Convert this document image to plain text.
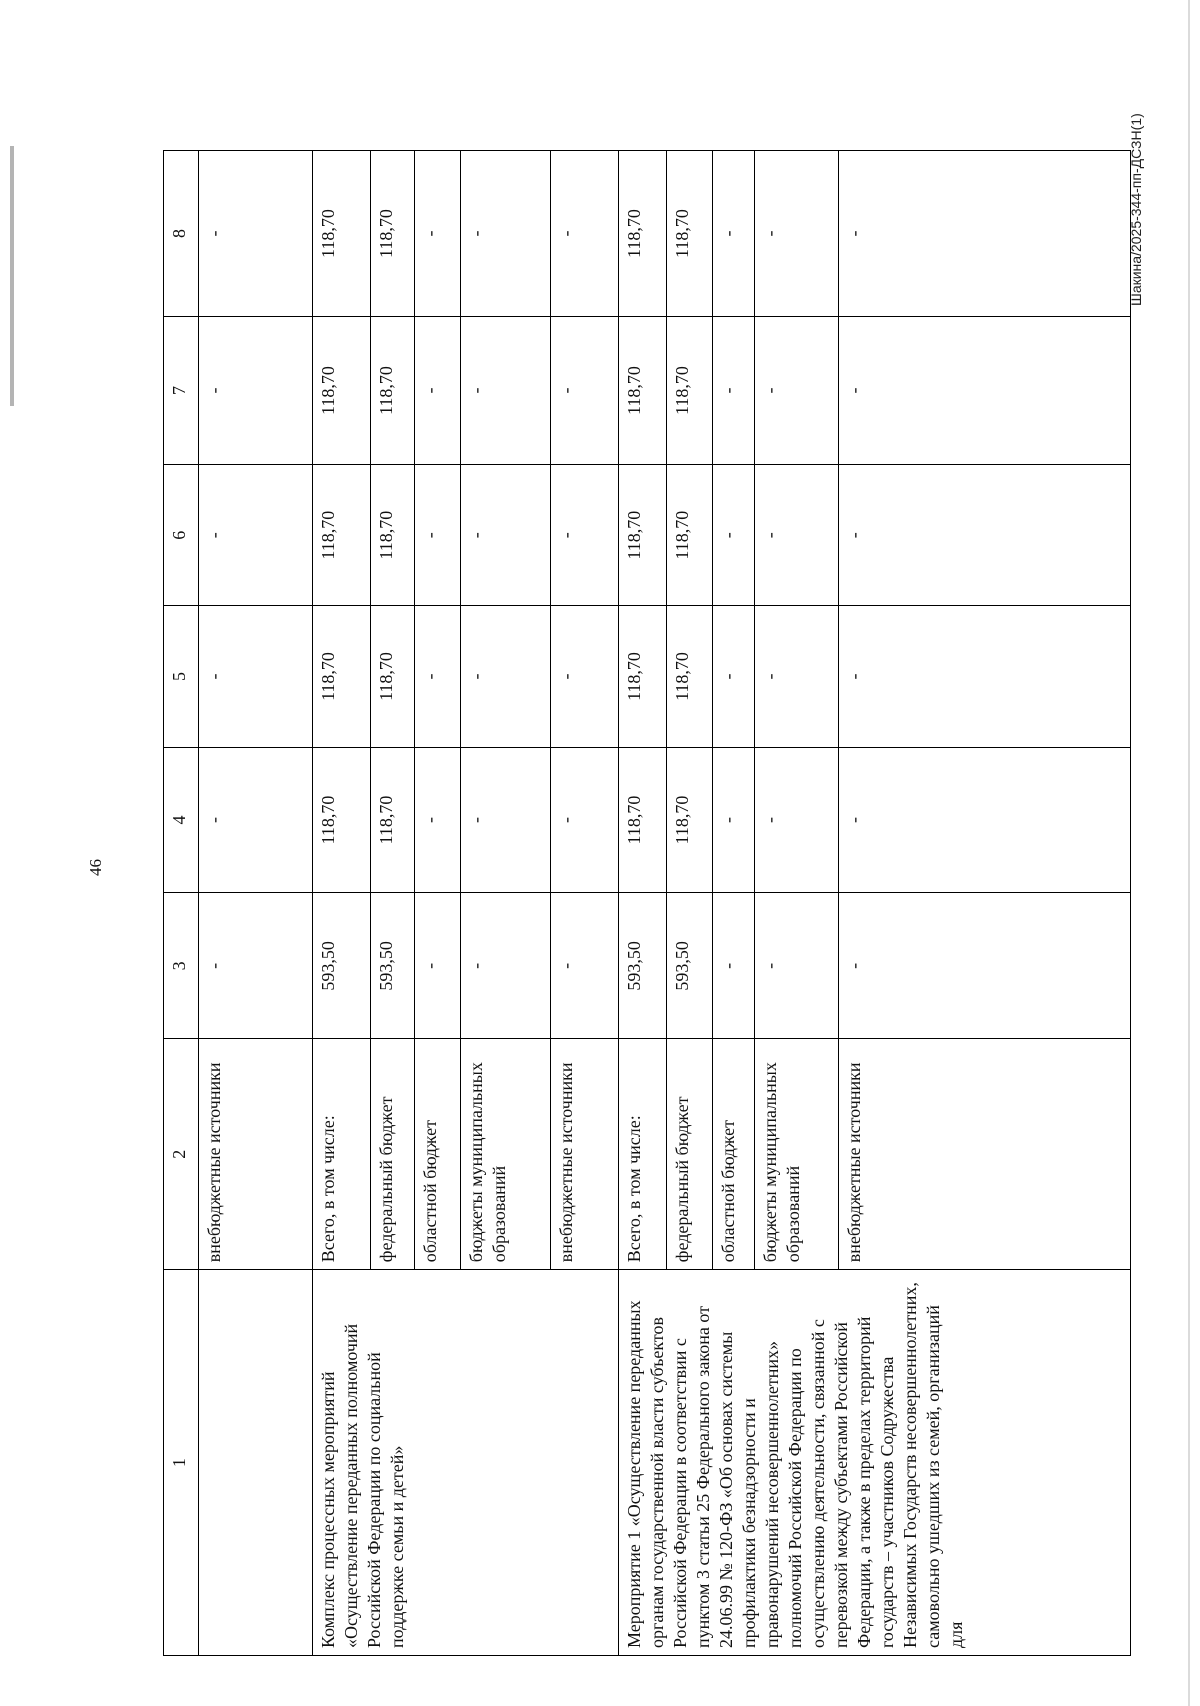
46
1	2	3	4	5	6	7	8
	внебюджетные источники	-	-	-	-	-	-
Комплекс процессных мероприятий «Осуществление переданных полномочий Российской Федерации по социальной поддержке семьи и детей»	Всего, в том числе:	593,50	118,70	118,70	118,70	118,70	118,70
	федеральный бюджет	593,50	118,70	118,70	118,70	118,70	118,70
	областной бюджет	-	-	-	-	-	-
	бюджеты муниципальных образований	-	-	-	-	-	-
	внебюджетные источники	-	-	-	-	-	-
Мероприятие 1 «Осуществление переданных органам государственной власти субъектов Российской Федерации в соответствии с пунктом 3 статьи 25 Федерального закона от 24.06.99 № 120-ФЗ «Об основах системы профилактики безнадзорности и правонарушений несовершеннолетних» полномочий Российской Федерации по осуществлению деятельности, связанной с перевозкой между субъектами Российской Федерации, а также в пределах территорий государств – участников Содружества Независимых Государств несовершеннолетних, самовольно ушедших из семей, организаций для	Всего, в том числе:	593,50	118,70	118,70	118,70	118,70	118,70
	федеральный бюджет	593,50	118,70	118,70	118,70	118,70	118,70
	областной бюджет	-	-	-	-	-	-
	бюджеты муниципальных образований	-	-	-	-	-	-
	внебюджетные источники	-	-	-	-	-	-	Шакина/2025-344-пп-ДСЗН(1)
